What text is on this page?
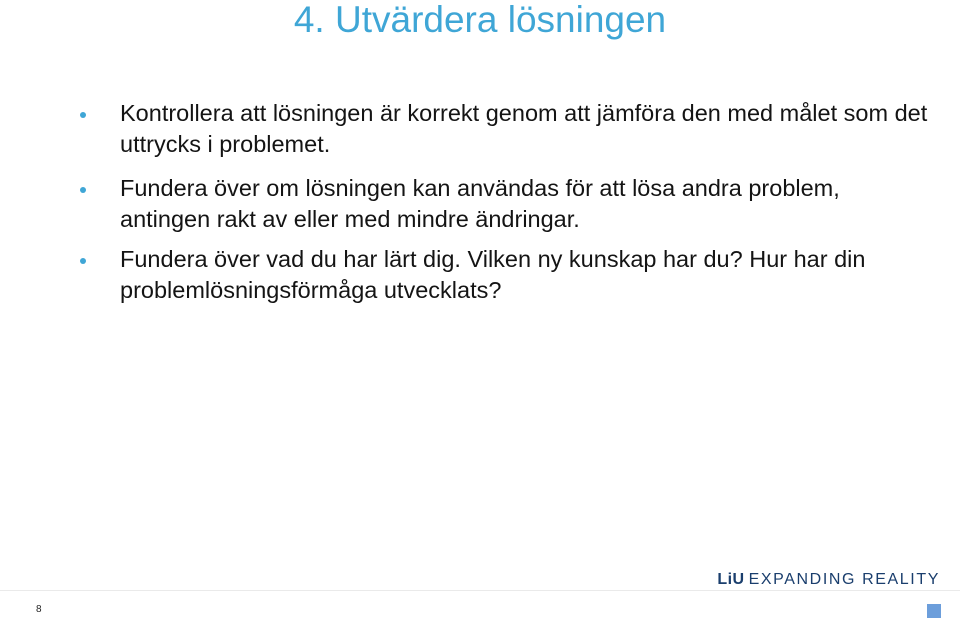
4. Utvärdera lösningen
Kontrollera att lösningen är korrekt genom att jämföra den med målet som det uttrycks i problemet.
Fundera över om lösningen kan användas för att lösa andra problem, antingen rakt av eller med mindre ändringar.
Fundera över vad du har lärt dig. Vilken ny kunskap har du? Hur har din problemlösningsförmåga utvecklats?
8
LiU EXPANDING REALITY
